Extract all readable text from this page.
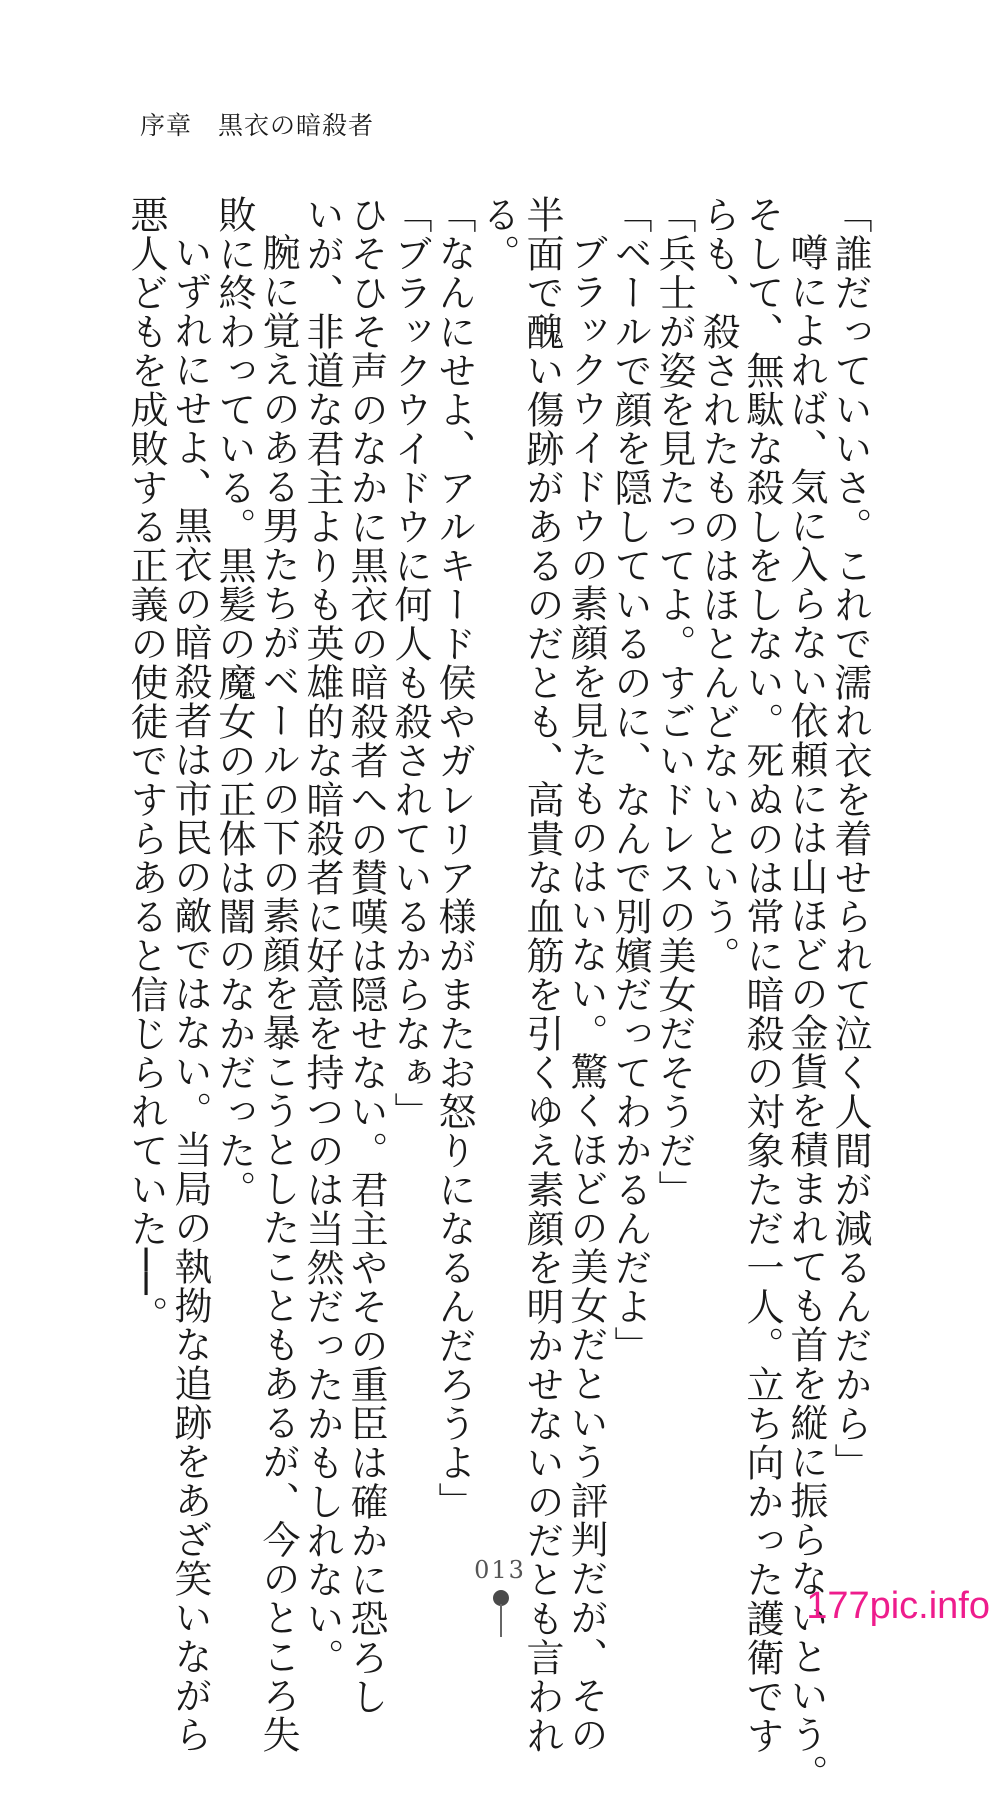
序章　黒衣の暗殺者

「誰だっていいさ。これで濡れ衣を着せられて泣く人間が減るんだから」

噂によれば、気に入らない依頼には山ほどの金貨を積まれても首を縦に振らないという。

そして、無駄な殺しをしない。死ぬのは常に暗殺の対象ただ一人。立ち向かった護衛です

らも、殺されたものはほとんどないという。

「兵士が姿を見たってよ。すごいドレスの美女だそうだ」

「ベールで顔を隠しているのに、なんで別嬪だってわかるんだよ」

ブラックウイドウの素顔を見たものはいない。驚くほどの美女だという評判だが、その

半面で醜い傷跡があるのだとも、高貴な血筋を引くゆえ素顔を明かせないのだとも言われ

る。

「なんにせよ、アルキード侯やガレリア様がまたお怒りになるんだろうよ」

「ブラックウイドウに何人も殺されているからなぁ」

ひそひそ声のなかに黒衣の暗殺者への賛嘆は隠せない。君主やその重臣は確かに恐ろし

いが、非道な君主よりも英雄的な暗殺者に好意を持つのは当然だったかもしれない。

腕に覚えのある男たちがベールの下の素顔を暴こうとしたこともあるが、今のところ失

敗に終わっている。黒髪の魔女の正体は闇のなかだった。

いずれにせよ、黒衣の暗殺者は市民の敵ではない。当局の執拗な追跡をあざ笑いながら

悪人どもを成敗する正義の使徒ですらあると信じられていた──。

013
177pic.info
